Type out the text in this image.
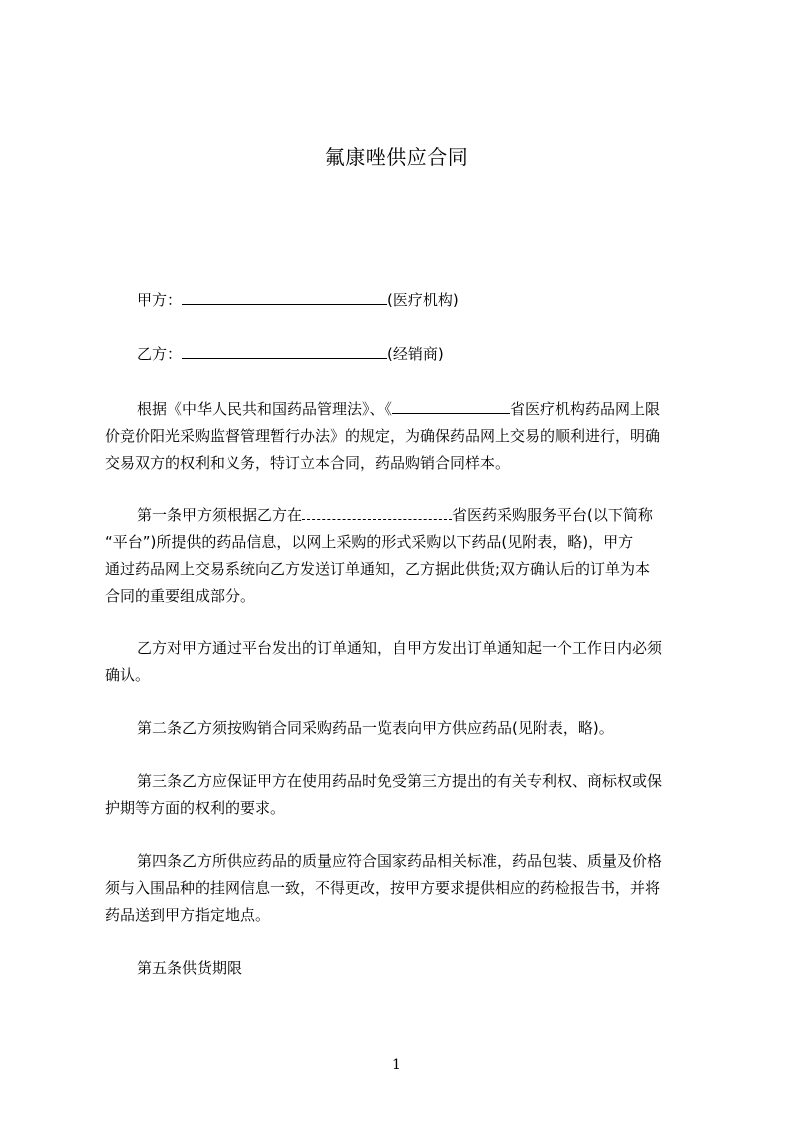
氟康唑供应合同
甲方：	(医疗机构)
乙方：	(经销商)
根据《中华人民共和国药品管理法》、《	省医疗机构药品网上限
价竞价阳光采购监督管理暂行办法》的规定，为确保药品网上交易的顺利进行，明确
交易双方的权利和义务，特订立本合同，药品购销合同样本。
第一条甲方须根据乙方在	省医药采购服务平台(以下简称
“平台”)所提供的药品信息，以网上采购的形式采购以下药品(见附表，略)，甲方
通过药品网上交易系统向乙方发送订单通知，乙方据此供货;双方确认后的订单为本
合同的重要组成部分。
乙方对甲方通过平台发出的订单通知，自甲方发出订单通知起一个工作日内必须
确认。
第二条乙方须按购销合同采购药品一览表向甲方供应药品(见附表，略)。
第三条乙方应保证甲方在使用药品时免受第三方提出的有关专利权、商标权或保
护期等方面的权利的要求。
第四条乙方所供应药品的质量应符合国家药品相关标准，药品包装、质量及价格
须与入围品种的挂网信息一致，不得更改，按甲方要求提供相应的药检报告书，并将
药品送到甲方指定地点。
第五条供货期限
1
